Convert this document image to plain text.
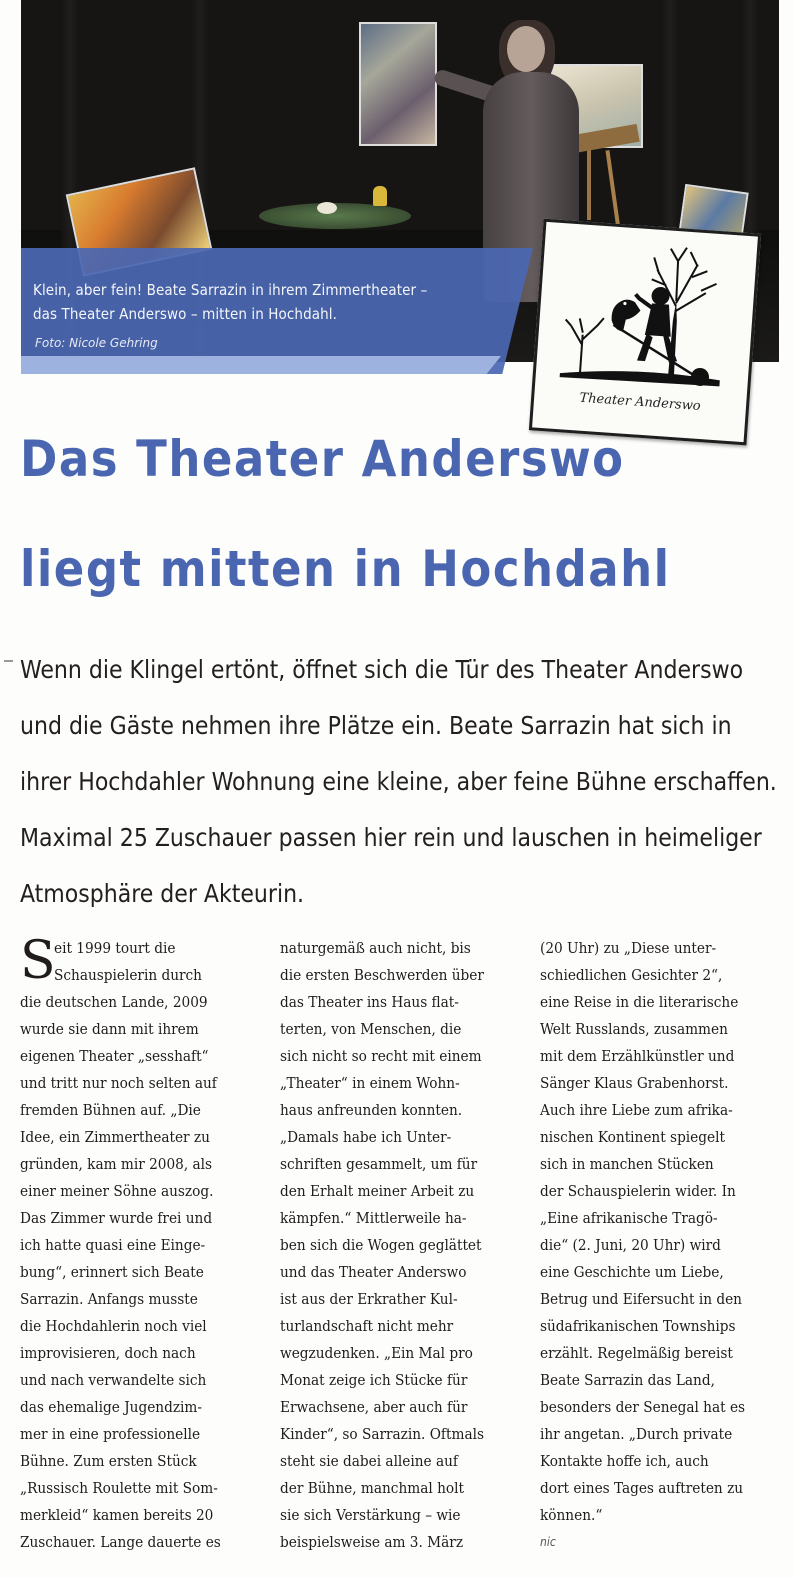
Klein, aber fein! Beate Sarrazin in ihrem Zimmertheater –
das Theater Anderswo – mitten in Hochdahl.
Foto: Nicole Gehring
Theater Anderswo
Das Theater Anderswo
liegt mitten in Hochdahl
Wenn die Klingel ertönt, öffnet sich die Tür des Theater Anderswo
und die Gäste nehmen ihre Plätze ein. Beate Sarrazin hat sich in
ihrer Hochdahler Wohnung eine kleine, aber feine Bühne erschaffen.
Maximal 25 Zuschauer passen hier rein und lauschen in heimeliger
Atmosphäre der Akteurin.
S
eit 1999 tourt die
Schauspielerin durch
die deutschen Lande, 2009
wurde sie dann mit ihrem
eigenen Theater „sesshaft“
und tritt nur noch selten auf
fremden Bühnen auf. „Die
Idee, ein Zimmertheater zu
gründen, kam mir 2008, als
einer meiner Söhne auszog.
Das Zimmer wurde frei und
ich hatte quasi eine Einge-
bung“, erinnert sich Beate
Sarrazin. Anfangs musste
die Hochdahlerin noch viel
improvisieren, doch nach
und nach verwandelte sich
das ehemalige Jugendzim-
mer in eine professionelle
Bühne. Zum ersten Stück
„Russisch Roulette mit Som-
merkleid“ kamen bereits 20
Zuschauer. Lange dauerte es
naturgemäß auch nicht, bis
die ersten Beschwerden über
das Theater ins Haus flat-
terten, von Menschen, die
sich nicht so recht mit einem
„Theater“ in einem Wohn-
haus anfreunden konnten.
„Damals habe ich Unter-
schriften gesammelt, um für
den Erhalt meiner Arbeit zu
kämpfen.“ Mittlerweile ha-
ben sich die Wogen geglättet
und das Theater Anderswo
ist aus der Erkrather Kul-
turlandschaft nicht mehr
wegzudenken. „Ein Mal pro
Monat zeige ich Stücke für
Erwachsene, aber auch für
Kinder“, so Sarrazin. Oftmals
steht sie dabei alleine auf
der Bühne, manchmal holt
sie sich Verstärkung – wie
beispielsweise am 3. März
(20 Uhr) zu „Diese unter-
schiedlichen Gesichter 2“,
eine Reise in die literarische
Welt Russlands, zusammen
mit dem Erzählkünstler und
Sänger Klaus Grabenhorst.
Auch ihre Liebe zum afrika-
nischen Kontinent spiegelt
sich in manchen Stücken
der Schauspielerin wider. In
„Eine afrikanische Tragö-
die“ (2. Juni, 20 Uhr) wird
eine Geschichte um Liebe,
Betrug und Eifersucht in den
südafrikanischen Townships
erzählt. Regelmäßig bereist
Beate Sarrazin das Land,
besonders der Senegal hat es
ihr angetan. „Durch private
Kontakte hoffe ich, auch
dort eines Tages auftreten zu
können.“
nic
